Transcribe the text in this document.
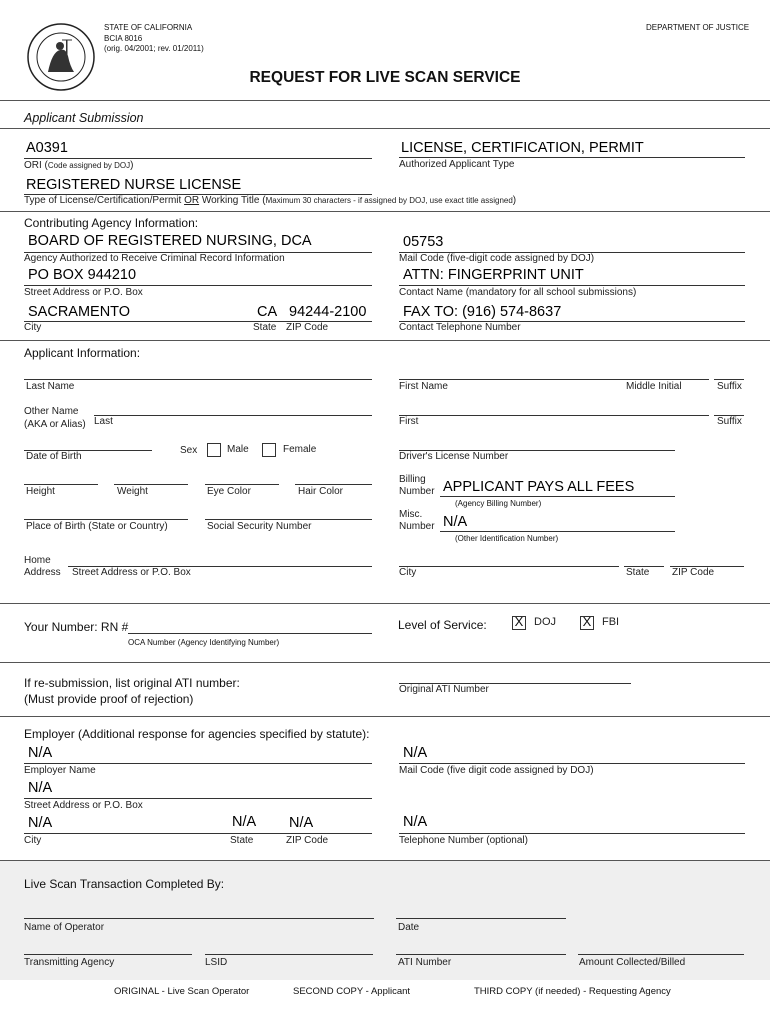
STATE OF CALIFORNIA
BCIA 8016
(orig. 04/2001; rev. 01/2011)
DEPARTMENT OF JUSTICE
REQUEST FOR LIVE SCAN SERVICE
Applicant Submission
A0391
ORI (Code assigned by DOJ)
LICENSE, CERTIFICATION, PERMIT
Authorized Applicant Type
REGISTERED NURSE LICENSE
Type of License/Certification/Permit OR Working Title (Maximum 30 characters - if assigned by DOJ, use exact title assigned)
Contributing Agency Information:
BOARD OF REGISTERED NURSING, DCA
Agency Authorized to Receive Criminal Record Information
05753
Mail Code (five-digit code assigned by DOJ)
PO BOX 944210
Street Address or P.O. Box
ATTN: FINGERPRINT UNIT
Contact Name (mandatory for all school submissions)
SACRAMENTO	CA 94244-2100
City	State ZIP Code
FAX TO: (916) 574-8637
Contact Telephone Number
Applicant Information:
Last Name	First Name	Middle Initial	Suffix
Other Name
(AKA or Alias) Last	First	Suffix
Date of Birth
Sex	Male	Female
Driver's License Number
Height	Weight	Eye Color	Hair Color
Billing
Number APPLICANT PAYS ALL FEES
(Agency Billing Number)
Place of Birth (State or Country)	Social Security Number
Misc.
Number N/A
(Other Identification Number)
Home
Address Street Address or P.O. Box	City	State ZIP Code
Your Number: RN #
OCA Number (Agency Identifying Number)
Level of Service: X DOJ X FBI
If re-submission, list original ATI number:
(Must provide proof of rejection)
Original ATI Number
Employer (Additional response for agencies specified by statute):
N/A
Employer Name
N/A
Mail Code (five digit code assigned by DOJ)
N/A
Street Address or P.O. Box
N/A	N/A N/A
City	State	ZIP Code
N/A
Telephone Number (optional)
Live Scan Transaction Completed By:
Name of Operator	Date
Transmitting Agency	LSID	ATI Number	Amount Collected/Billed
ORIGINAL - Live Scan Operator	SECOND COPY - Applicant	THIRD COPY (if needed) - Requesting Agency
